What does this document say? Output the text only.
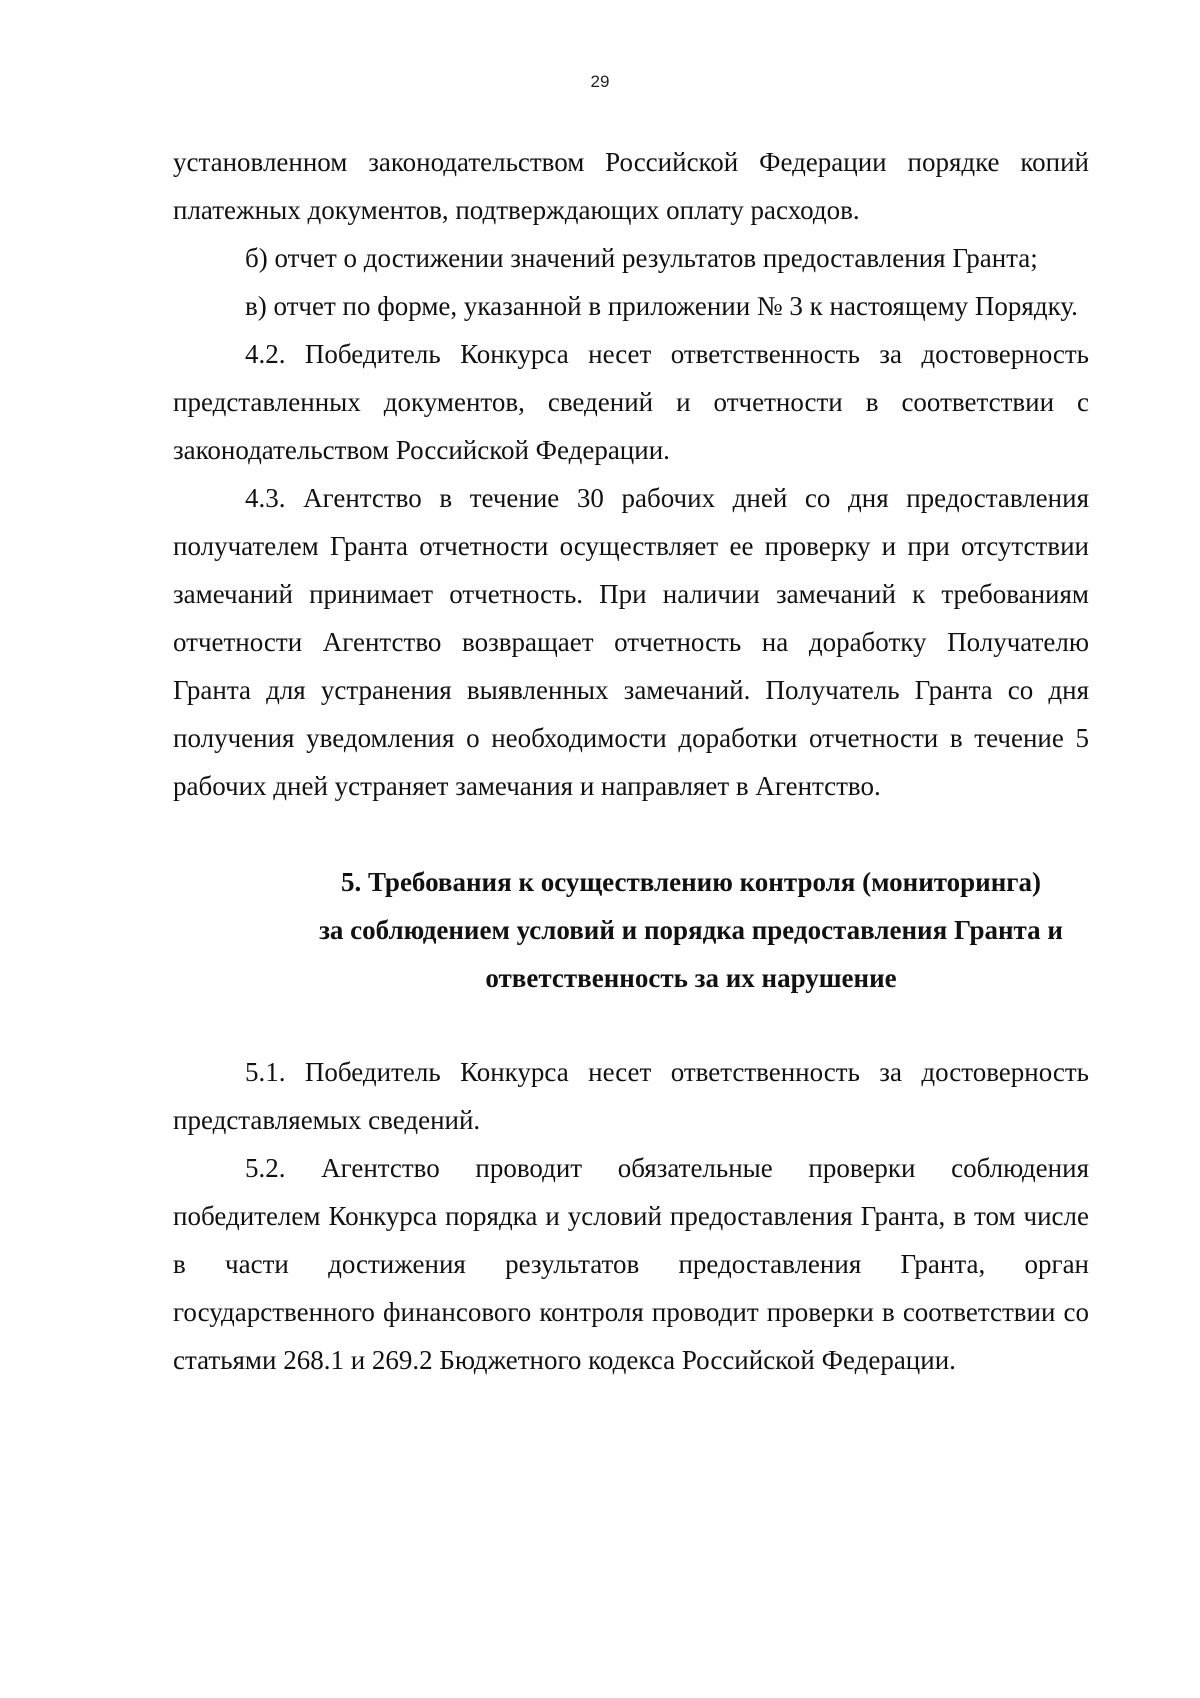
29

установленном законодательством Российской Федерации порядке копий платежных документов, подтверждающих оплату расходов.

б) отчет о достижении значений результатов предоставления Гранта;

в) отчет по форме, указанной в приложении № 3 к настоящему Порядку.

4.2. Победитель Конкурса несет ответственность за достоверность представленных документов, сведений и отчетности в соответствии с законодательством Российской Федерации.

4.3. Агентство в течение 30 рабочих дней со дня предоставления получателем Гранта отчетности осуществляет ее проверку и при отсутствии замечаний принимает отчетность. При наличии замечаний к требованиям отчетности Агентство возвращает отчетность на доработку Получателю Гранта для устранения выявленных замечаний. Получатель Гранта со дня получения уведомления о необходимости доработки отчетности в течение 5 рабочих дней устраняет замечания и направляет в Агентство.

5. Требования к осуществлению контроля (мониторинга)
за соблюдением условий и порядка предоставления Гранта и
ответственность за их нарушение

5.1. Победитель Конкурса несет ответственность за достоверность представляемых сведений.

5.2. Агентство проводит обязательные проверки соблюдения победителем Конкурса порядка и условий предоставления Гранта, в том числе в части достижения результатов предоставления Гранта, орган государственного финансового контроля проводит проверки в соответствии со статьями 268.1 и 269.2 Бюджетного кодекса Российской Федерации.
